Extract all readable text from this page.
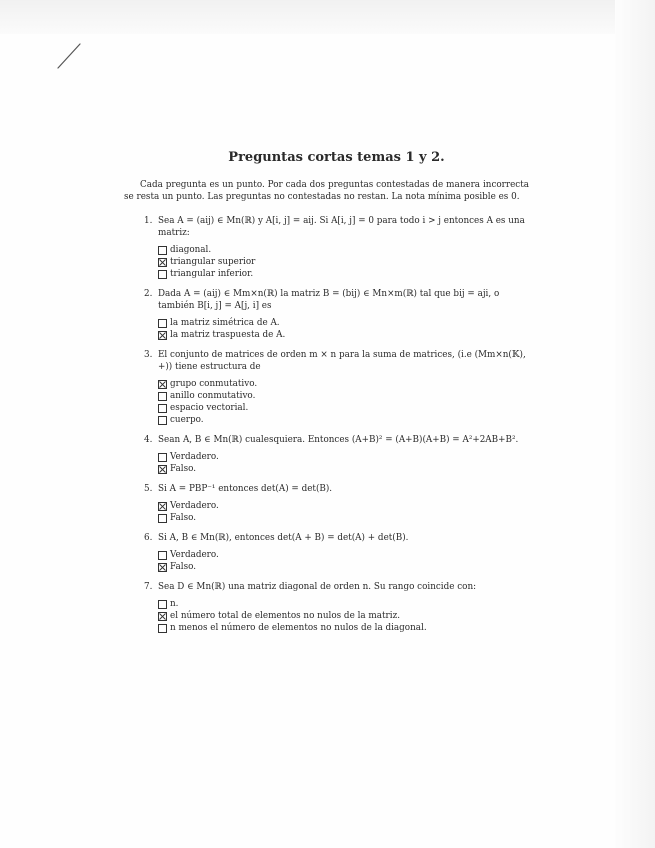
Preguntas cortas temas 1 y 2.

Cada pregunta es un punto. Por cada dos preguntas contestadas de manera incorrecta se resta un punto. Las preguntas no contestadas no restan. La nota mínima posible es 0.

1. Sea A = (aij) ∈ Mn(ℝ) y A[i, j] = aij. Si A[i, j] = 0 para todo i > j entonces A es una matriz:

diagonal.
triangular superior
triangular inferior.
2. Dada A = (aij) ∈ Mm×n(ℝ) la matriz B = (bij) ∈ Mn×m(ℝ) tal que bij = aji, o también B[i, j] = A[j, i] es

la matriz simétrica de A.
la matriz traspuesta de A.
3. El conjunto de matrices de orden m × n para la suma de matrices, (i.e (Mm×n(𝕂), +)) tiene estructura de

grupo conmutativo.
anillo conmutativo.
espacio vectorial.
cuerpo.
4. Sean A, B ∈ Mn(ℝ) cualesquiera. Entonces (A+B)² = (A+B)(A+B) = A²+2AB+B².

Verdadero.
Falso.
5. Si A = PBP⁻¹ entonces det(A) = det(B).

Verdadero.
Falso.
6. Si A, B ∈ Mn(ℝ), entonces det(A + B) = det(A) + det(B).

Verdadero.
Falso.
7. Sea D ∈ Mn(ℝ) una matriz diagonal de orden n. Su rango coincide con:

n.
el número total de elementos no nulos de la matriz.
n menos el número de elementos no nulos de la diagonal.
